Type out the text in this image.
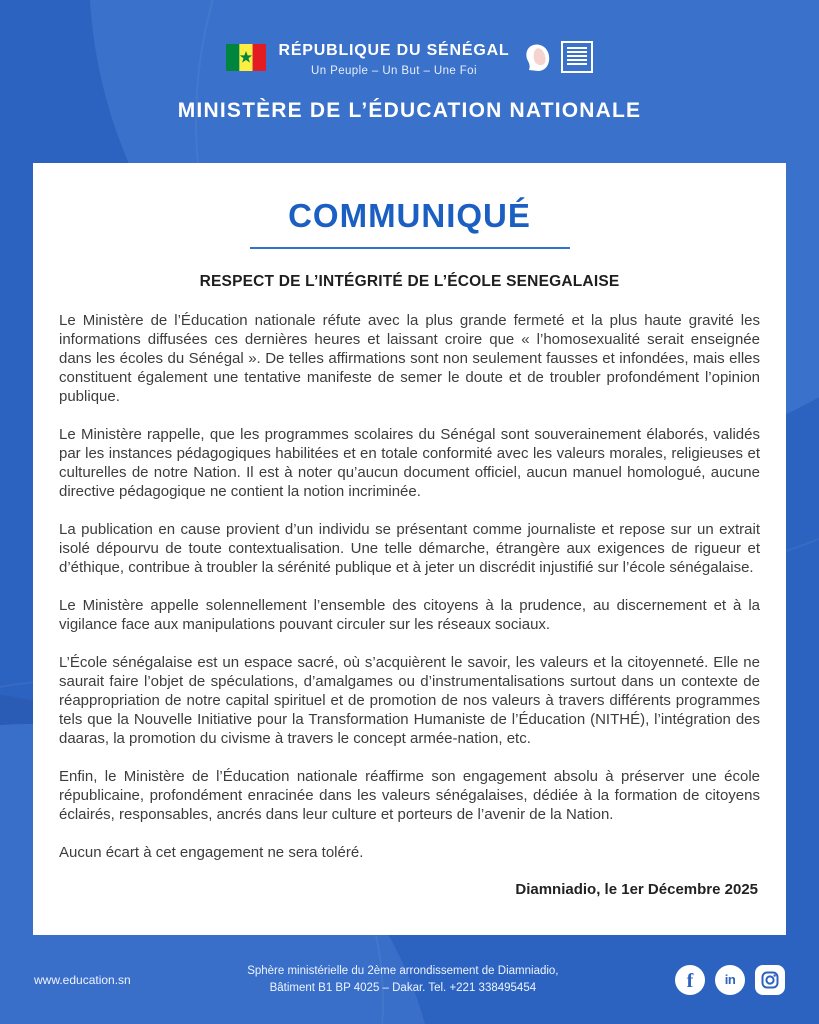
RÉPUBLIQUE DU SÉNÉGAL
Un Peuple – Un But – Une Foi
MINISTÈRE DE L’ÉDUCATION NATIONALE
COMMUNIQUÉ
RESPECT DE L’INTÉGRITÉ DE L’ÉCOLE SENEGALAISE

Le Ministère de l’Éducation nationale réfute avec la plus grande fermeté et la plus haute gravité les informations diffusées ces dernières heures et laissant croire que « l’homosexualité serait enseignée dans les écoles du Sénégal ». De telles affirmations sont non seulement fausses et infondées, mais elles constituent également une tentative manifeste de semer le doute et de troubler profondément l’opinion publique.

Le Ministère rappelle, que les programmes scolaires du Sénégal sont souverainement élaborés, validés par les instances pédagogiques habilitées et en totale conformité avec les valeurs morales, religieuses et culturelles de notre Nation. Il est à noter qu’aucun document officiel, aucun manuel homologué, aucune directive pédagogique ne contient la notion incriminée.

La publication en cause provient d’un individu se présentant comme journaliste et repose sur un extrait isolé dépourvu de toute contextualisation. Une telle démarche, étrangère aux exigences de rigueur et d’éthique, contribue à troubler la sérénité publique et à jeter un discrédit injustifié sur l’école sénégalaise.

Le Ministère appelle solennellement l’ensemble des citoyens à la prudence, au discernement et à la vigilance face aux manipulations pouvant circuler sur les réseaux sociaux.

L’École sénégalaise est un espace sacré, où s’acquièrent le savoir, les valeurs et la citoyenneté. Elle ne saurait faire l’objet de spéculations, d’amalgames ou d’instrumentalisations surtout dans un contexte de réappropriation de notre capital spirituel et de promotion de nos valeurs à travers différents programmes tels que la Nouvelle Initiative pour la Transformation Humaniste de l’Éducation (NITHÉ), l’intégration des daaras, la promotion du civisme à travers le concept armée-nation, etc.

Enfin, le Ministère de l’Éducation nationale réaffirme son engagement absolu à préserver une école républicaine, profondément enracinée dans les valeurs sénégalaises, dédiée à la formation de citoyens éclairés, responsables, ancrés dans leur culture et porteurs de l’avenir de la Nation.

Aucun écart à cet engagement ne sera toléré.

Diamniadio, le 1er Décembre 2025
www.education.sn
Sphère ministérielle du 2ème arrondissement de Diamniadio,
Bâtiment B1 BP 4025 – Dakar. Tel. +221 338495454	f in
